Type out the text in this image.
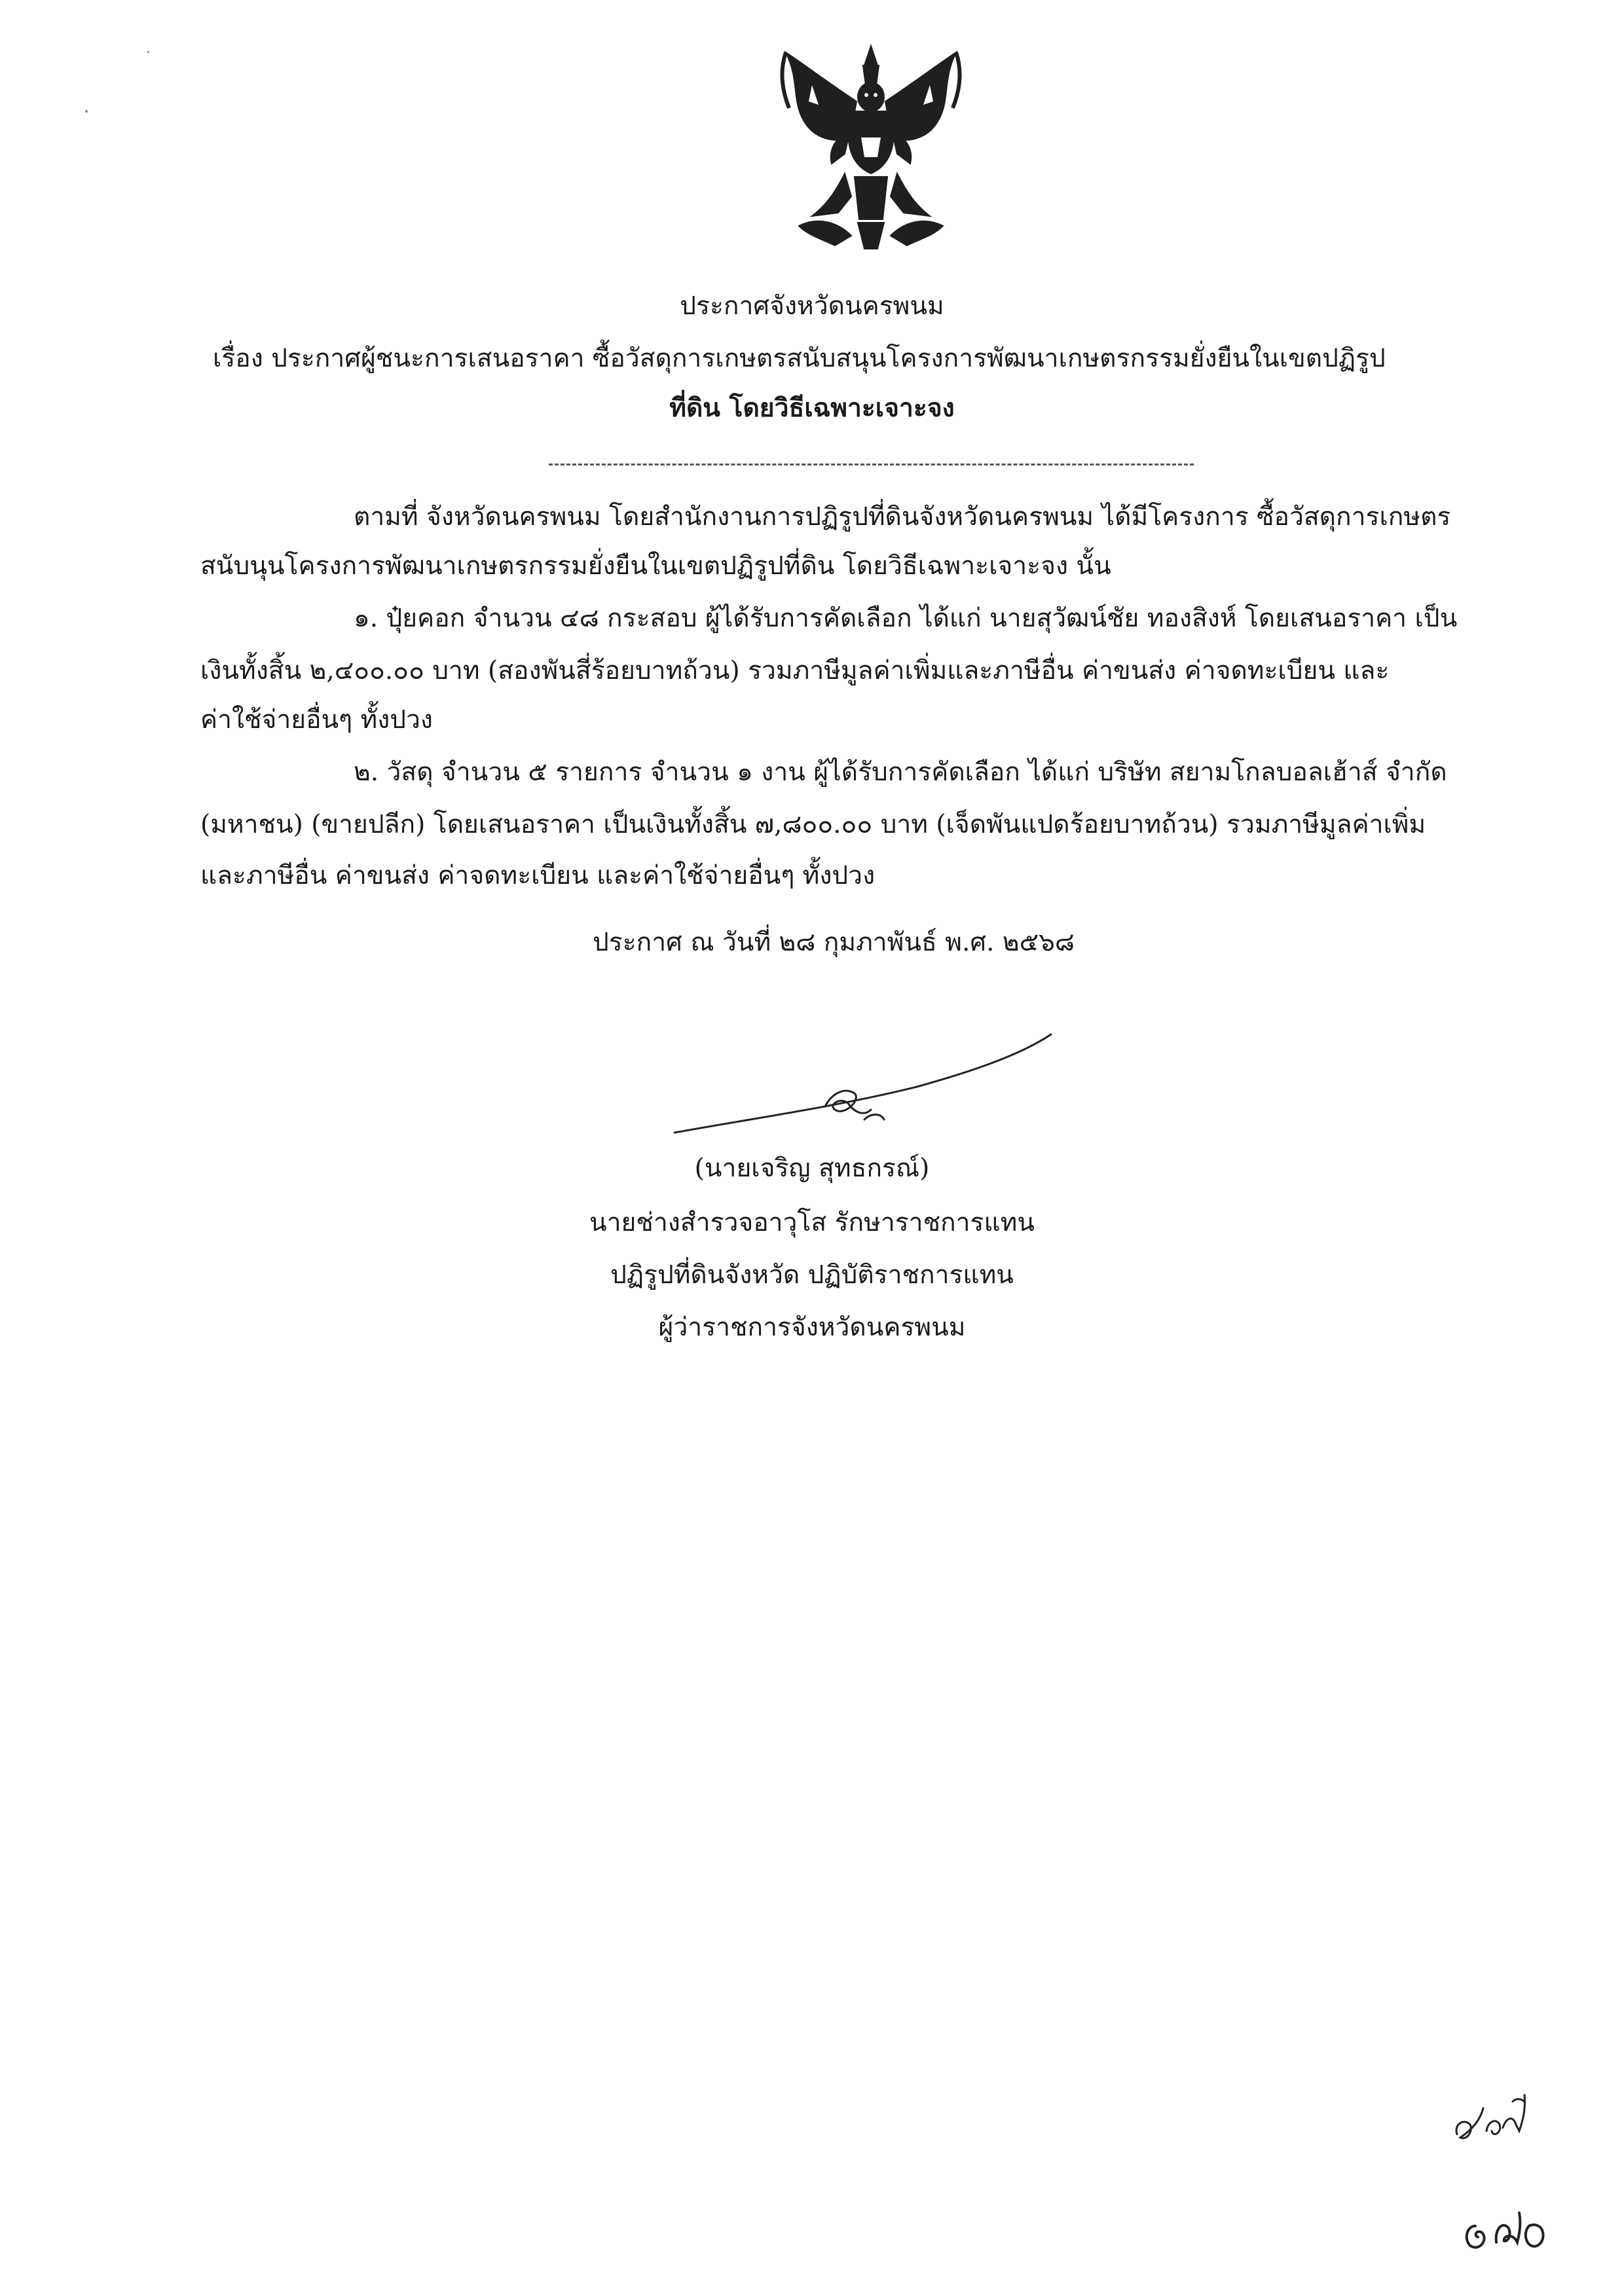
ประกาศจังหวัดนครพนม
เรื่อง ประกาศผู้ชนะการเสนอราคา ซื้อวัสดุการเกษตรสนับสนุนโครงการพัฒนาเกษตรกรรมยั่งยืนในเขตปฏิรูป
ที่ดิน โดยวิธีเฉพาะเจาะจง
ตามที่ จังหวัดนครพนม โดยสำนักงานการปฏิรูปที่ดินจังหวัดนครพนม ได้มีโครงการ ซื้อวัสดุการเกษตร
สนับนุนโครงการพัฒนาเกษตรกรรมยั่งยืนในเขตปฏิรูปที่ดิน โดยวิธีเฉพาะเจาะจง นั้น
๑. ปุ๋ยคอก จำนวน ๔๘ กระสอบ ผู้ได้รับการคัดเลือก ได้แก่ นายสุวัฒน์ชัย ทองสิงห์ โดยเสนอราคา เป็น
เงินทั้งสิ้น ๒,๔๐๐.๐๐ บาท (สองพันสี่ร้อยบาทถ้วน) รวมภาษีมูลค่าเพิ่มและภาษีอื่น ค่าขนส่ง ค่าจดทะเบียน และ
ค่าใช้จ่ายอื่นๆ ทั้งปวง
๒. วัสดุ จำนวน ๕ รายการ จำนวน ๑ งาน ผู้ได้รับการคัดเลือก ได้แก่ บริษัท สยามโกลบอลเฮ้าส์ จำกัด
(มหาชน) (ขายปลีก) โดยเสนอราคา เป็นเงินทั้งสิ้น ๗,๘๐๐.๐๐ บาท (เจ็ดพันแปดร้อยบาทถ้วน) รวมภาษีมูลค่าเพิ่ม
และภาษีอื่น ค่าขนส่ง ค่าจดทะเบียน และค่าใช้จ่ายอื่นๆ ทั้งปวง
ประกาศ ณ วันที่ ๒๘ กุมภาพันธ์ พ.ศ. ๒๕๖๘
(นายเจริญ สุทธกรณ์)
นายช่างสำรวจอาวุโส รักษาราชการแทน
ปฏิรูปที่ดินจังหวัด ปฏิบัติราชการแทน
ผู้ว่าราชการจังหวัดนครพนม
